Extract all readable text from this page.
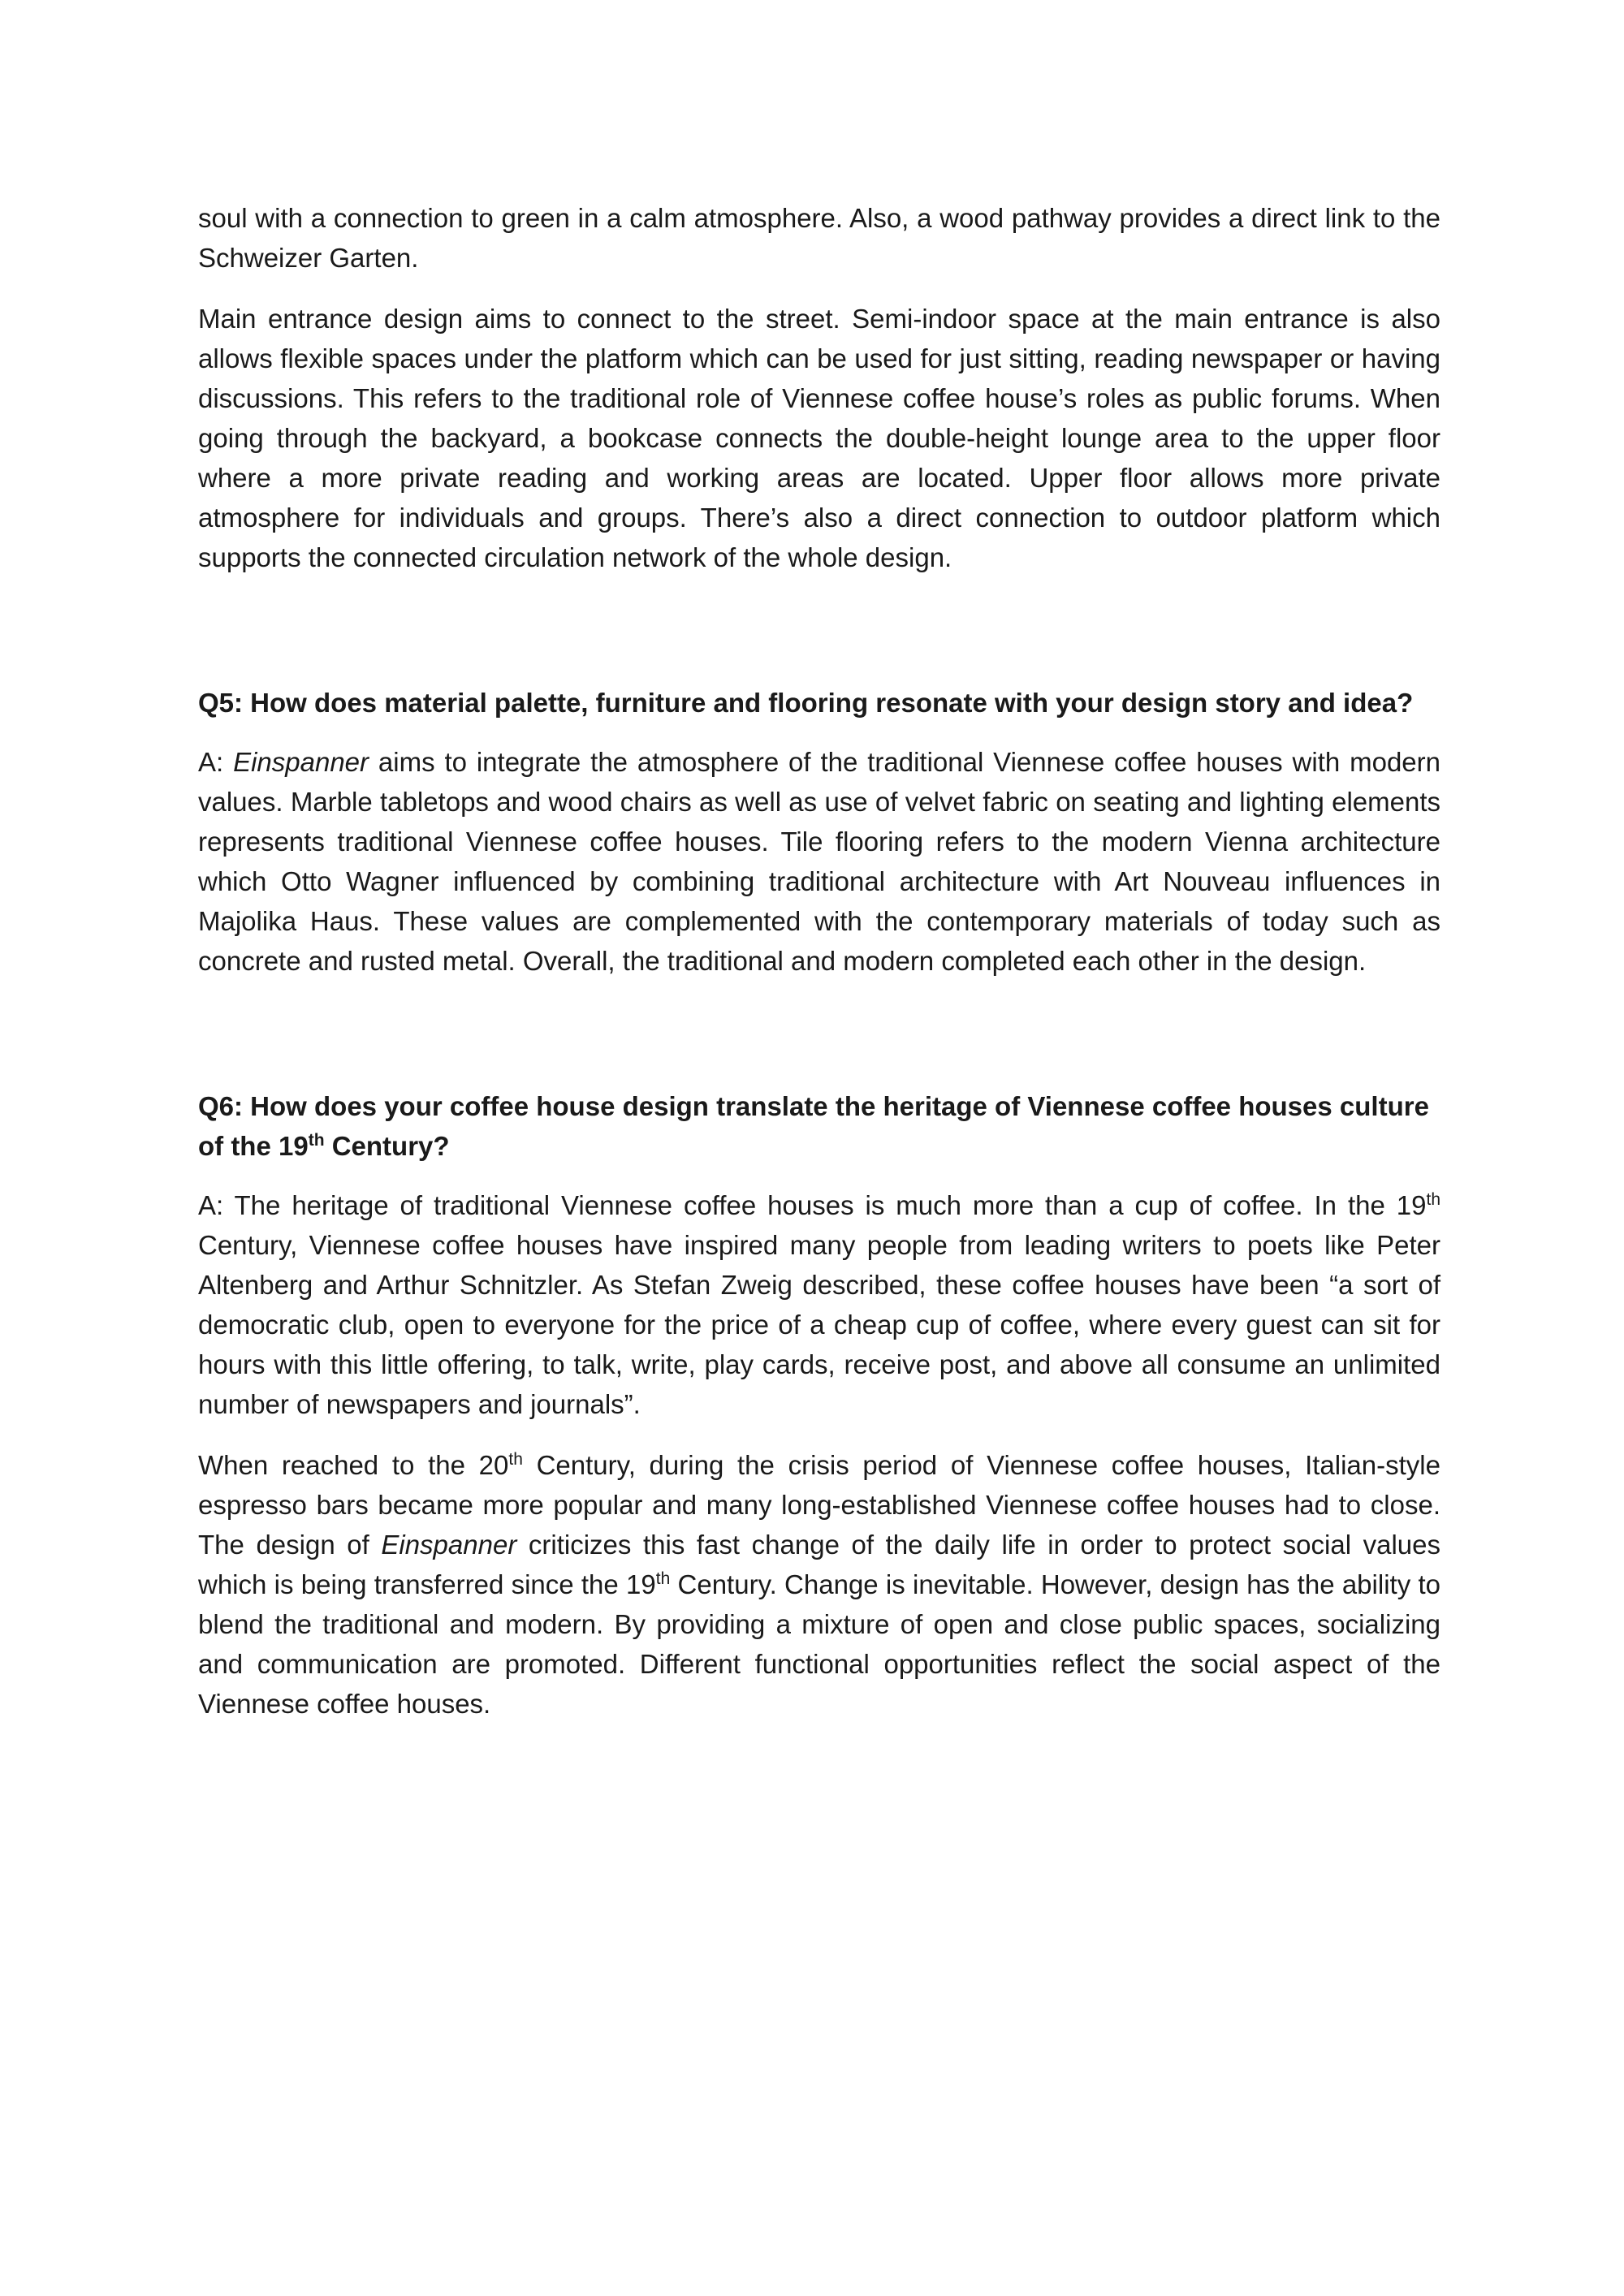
soul with a connection to green in a calm atmosphere. Also, a wood pathway provides a direct link to the Schweizer Garten.

Main entrance design aims to connect to the street. Semi-indoor space at the main entrance is also allows flexible spaces under the platform which can be used for just sitting, reading newspaper or having discussions. This refers to the traditional role of Viennese coffee house’s roles as public forums. When going through the backyard, a bookcase connects the double-height lounge area to the upper floor where a more private reading and working areas are located. Upper floor allows more private atmosphere for individuals and groups. There’s also a direct connection to outdoor platform which supports the connected circulation network of the whole design.

Q5: How does material palette, furniture and flooring resonate with your design story and idea?

A: Einspanner aims to integrate the atmosphere of the traditional Viennese coffee houses with modern values. Marble tabletops and wood chairs as well as use of velvet fabric on seating and lighting elements represents traditional Viennese coffee houses. Tile flooring refers to the modern Vienna architecture which Otto Wagner influenced by combining traditional architecture with Art Nouveau influences in Majolika Haus. These values are complemented with the contemporary materials of today such as concrete and rusted metal. Overall, the traditional and modern completed each other in the design.

Q6: How does your coffee house design translate the heritage of Viennese coffee houses culture of the 19th Century?

A: The heritage of traditional Viennese coffee houses is much more than a cup of coffee. In the 19th Century, Viennese coffee houses have inspired many people from leading writers to poets like Peter Altenberg and Arthur Schnitzler. As Stefan Zweig described, these coffee houses have been “a sort of democratic club, open to everyone for the price of a cheap cup of coffee, where every guest can sit for hours with this little offering, to talk, write, play cards, receive post, and above all consume an unlimited number of newspapers and journals”.

When reached to the 20th Century, during the crisis period of Viennese coffee houses, Italian-style espresso bars became more popular and many long-established Viennese coffee houses had to close. The design of Einspanner criticizes this fast change of the daily life in order to protect social values which is being transferred since the 19th Century. Change is inevitable. However, design has the ability to blend the traditional and modern. By providing a mixture of open and close public spaces, socializing and communication are promoted. Different functional opportunities reflect the social aspect of the Viennese coffee houses.
